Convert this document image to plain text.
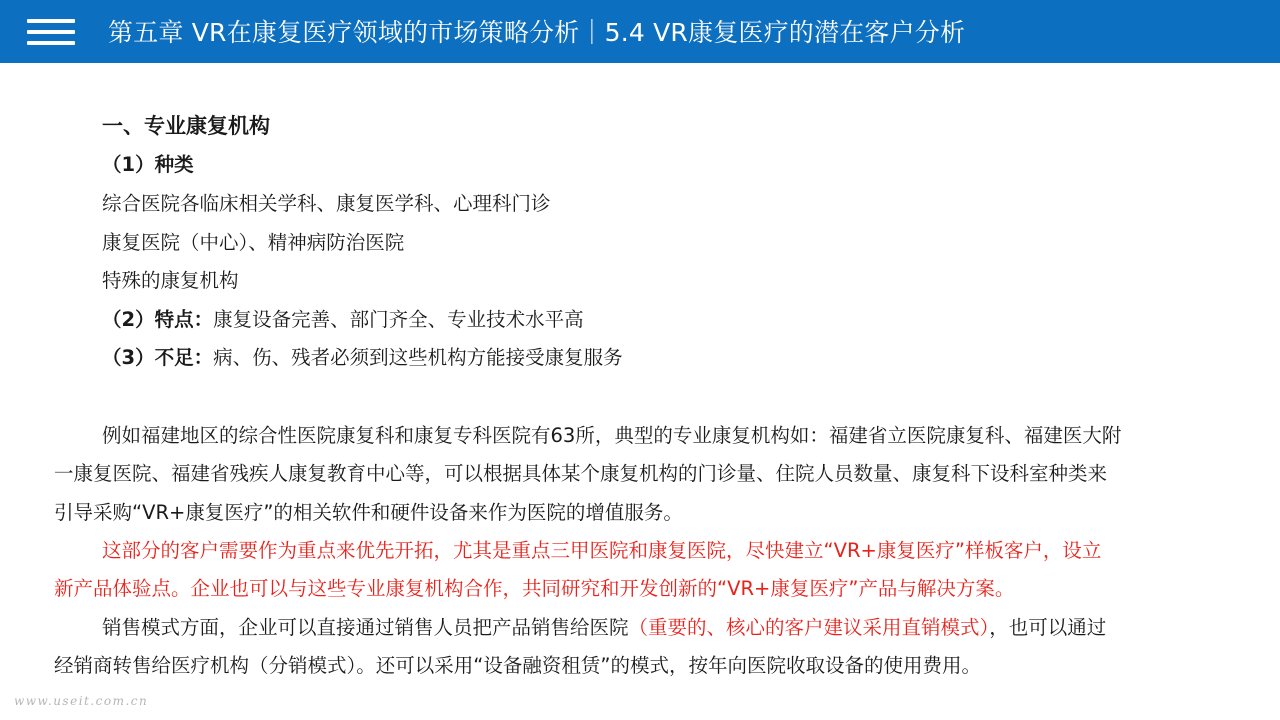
第五章 VR在康复医疗领域的市场策略分析｜5.4 VR康复医疗的潜在客户分析
一、专业康复机构
（1）种类
综合医院各临床相关学科、康复医学科、心理科门诊
康复医院（中心）、精神病防治医院
特殊的康复机构
（2）特点：康复设备完善、部门齐全、专业技术水平高
（3）不足：病、伤、残者必须到这些机构方能接受康复服务
例如福建地区的综合性医院康复科和康复专科医院有63所，典型的专业康复机构如：福建省立医院康复科、福建医大附
一康复医院、福建省残疾人康复教育中心等，可以根据具体某个康复机构的门诊量、住院人员数量、康复科下设科室种类来
引导采购“VR+康复医疗”的相关软件和硬件设备来作为医院的增值服务。
这部分的客户需要作为重点来优先开拓，尤其是重点三甲医院和康复医院，尽快建立“VR+康复医疗”样板客户，设立
新产品体验点。企业也可以与这些专业康复机构合作，共同研究和开发创新的“VR+康复医疗”产品与解决方案。
销售模式方面，企业可以直接通过销售人员把产品销售给医院（重要的、核心的客户建议采用直销模式），也可以通过
经销商转售给医疗机构（分销模式）。还可以采用“设备融资租赁”的模式，按年向医院收取设备的使用费用。
www.useit.com.cn
